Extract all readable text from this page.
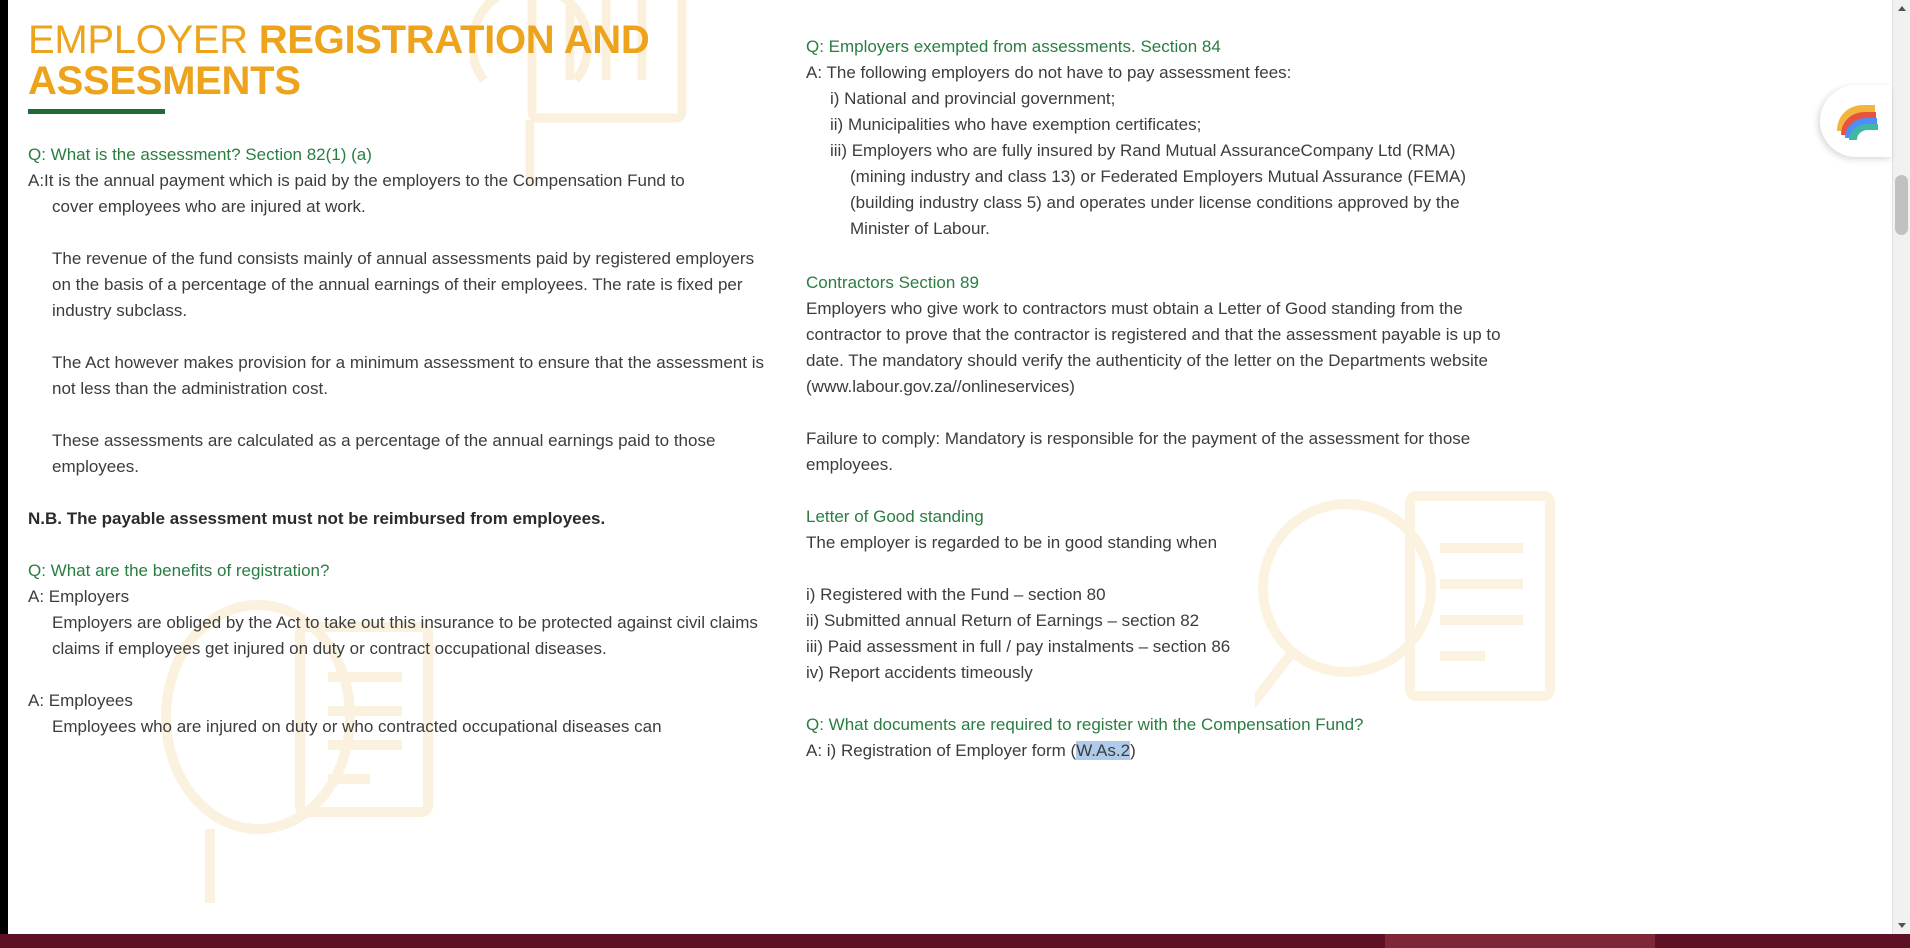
EMPLOYER REGISTRATION AND ASSESMENTS

Q: What is the assessment? Section 82(1) (a)

A:It is the annual payment which is paid by the employers to the Compensation Fund to

cover employees who are injured at work.

The revenue of the fund consists mainly of annual assessments paid by registered employers on the basis of a percentage of the annual earnings of their employees. The rate is fixed per industry subclass.

The Act however makes provision for a minimum assessment to ensure that the assessment is not less than the administration cost.

These assessments are calculated as a percentage of the annual earnings paid to those employees.

N.B. The payable assessment must not be reimbursed from employees.

Q: What are the benefits of registration?

A: Employers

Employers are obliged by the Act to take out this insurance to be protected against civil claims claims if employees get injured on duty or contract occupational diseases.

A: Employees

Employees who are injured on duty or who contracted occupational diseases can

Q: Employers exempted from assessments. Section 84

A: The following employers do not have to pay assessment fees:

i) National and provincial government;

ii) Municipalities who have exemption certificates;

iii) Employers who are fully insured by Rand Mutual AssuranceCompany Ltd (RMA)

(mining industry and class 13) or Federated Employers Mutual Assurance (FEMA)

(building industry class 5) and operates under license conditions approved by the

Minister of Labour.

Contractors Section 89

Employers who give work to contractors must obtain a Letter of Good standing from the contractor to prove that the contractor is registered and that the assessment payable is up to date. The mandatory should verify the authenticity of the letter on the Departments website (www.labour.gov.za//onlineservices)

Failure to comply: Mandatory is responsible for the payment of the assessment for those employees.

Letter of Good standing

The employer is regarded to be in good standing when

i) Registered with the Fund – section 80

ii) Submitted annual Return of Earnings – section 82

iii) Paid assessment in full / pay instalments – section 86

iv) Report accidents timeously

Q: What documents are required to register with the Compensation Fund?

A: i) Registration of Employer form (W.As.2)
